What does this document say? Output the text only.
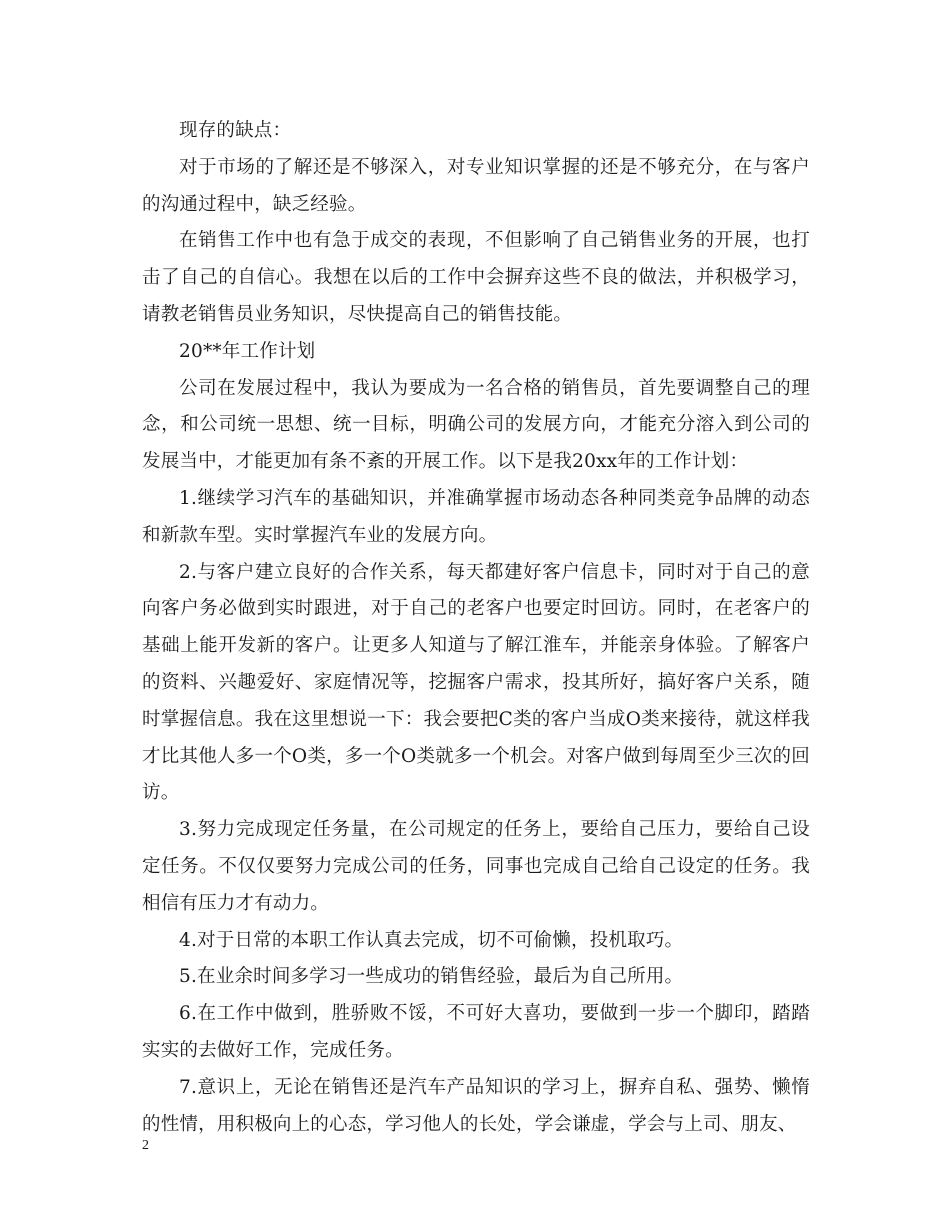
现存的缺点：

对于市场的了解还是不够深入，对专业知识掌握的还是不够充分，在与客户的沟通过程中，缺乏经验。

在销售工作中也有急于成交的表现，不但影响了自己销售业务的开展，也打击了自己的自信心。我想在以后的工作中会摒弃这些不良的做法，并积极学习，请教老销售员业务知识，尽快提高自己的销售技能。

20**年工作计划

公司在发展过程中，我认为要成为一名合格的销售员，首先要调整自己的理念，和公司统一思想、统一目标，明确公司的发展方向，才能充分溶入到公司的发展当中，才能更加有条不紊的开展工作。以下是我20xx年的工作计划：

1.继续学习汽车的基础知识，并准确掌握市场动态各种同类竞争品牌的动态和新款车型。实时掌握汽车业的发展方向。

2.与客户建立良好的合作关系，每天都建好客户信息卡，同时对于自己的意向客户务必做到实时跟进，对于自己的老客户也要定时回访。同时，在老客户的基础上能开发新的客户。让更多人知道与了解江淮车，并能亲身体验。了解客户的资料、兴趣爱好、家庭情况等，挖掘客户需求，投其所好，搞好客户关系，随时掌握信息。我在这里想说一下：我会要把C类的客户当成O类来接待，就这样我才比其他人多一个O类，多一个O类就多一个机会。对客户做到每周至少三次的回访。

3.努力完成现定任务量，在公司规定的任务上，要给自己压力，要给自己设定任务。不仅仅要努力完成公司的任务，同事也完成自己给自己设定的任务。我相信有压力才有动力。

4.对于日常的本职工作认真去完成，切不可偷懒，投机取巧。

5.在业余时间多学习一些成功的销售经验，最后为自己所用。

6.在工作中做到，胜骄败不馁，不可好大喜功，要做到一步一个脚印，踏踏实实的去做好工作，完成任务。

7.意识上，无论在销售还是汽车产品知识的学习上，摒弃自私、强势、懒惰的性情，用积极向上的心态，学习他人的长处，学会谦虚，学会与上司、朋友、

2
